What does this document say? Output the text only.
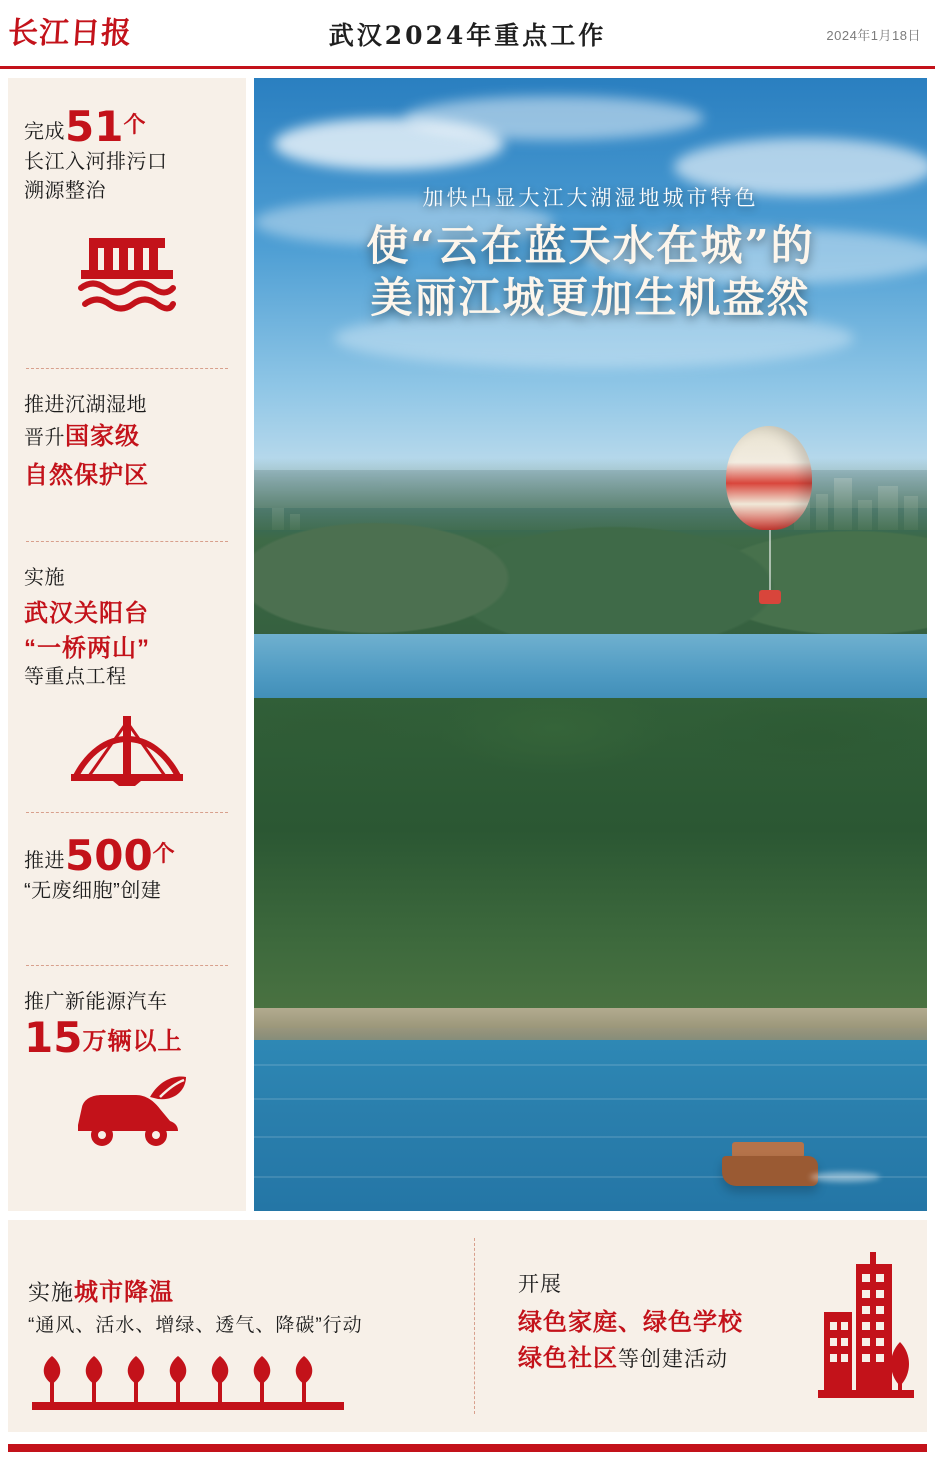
长江日报	武汉2024年重点工作	2024年1月18日
完成51个
长江入河排污口
溯源整治
推进沉湖湿地
晋升国家级
自然保护区
实施
武汉关阳台
“一桥两山”
等重点工程
推进500个
“无废细胞”创建
推广新能源汽车
15万辆以上
加快凸显大江大湖湿地城市特色
使“云在蓝天水在城”的
美丽江城更加生机盎然
实施城市降温
“通风、活水、增绿、透气、降碳”行动
开展
绿色家庭、绿色学校
绿色社区等创建活动
